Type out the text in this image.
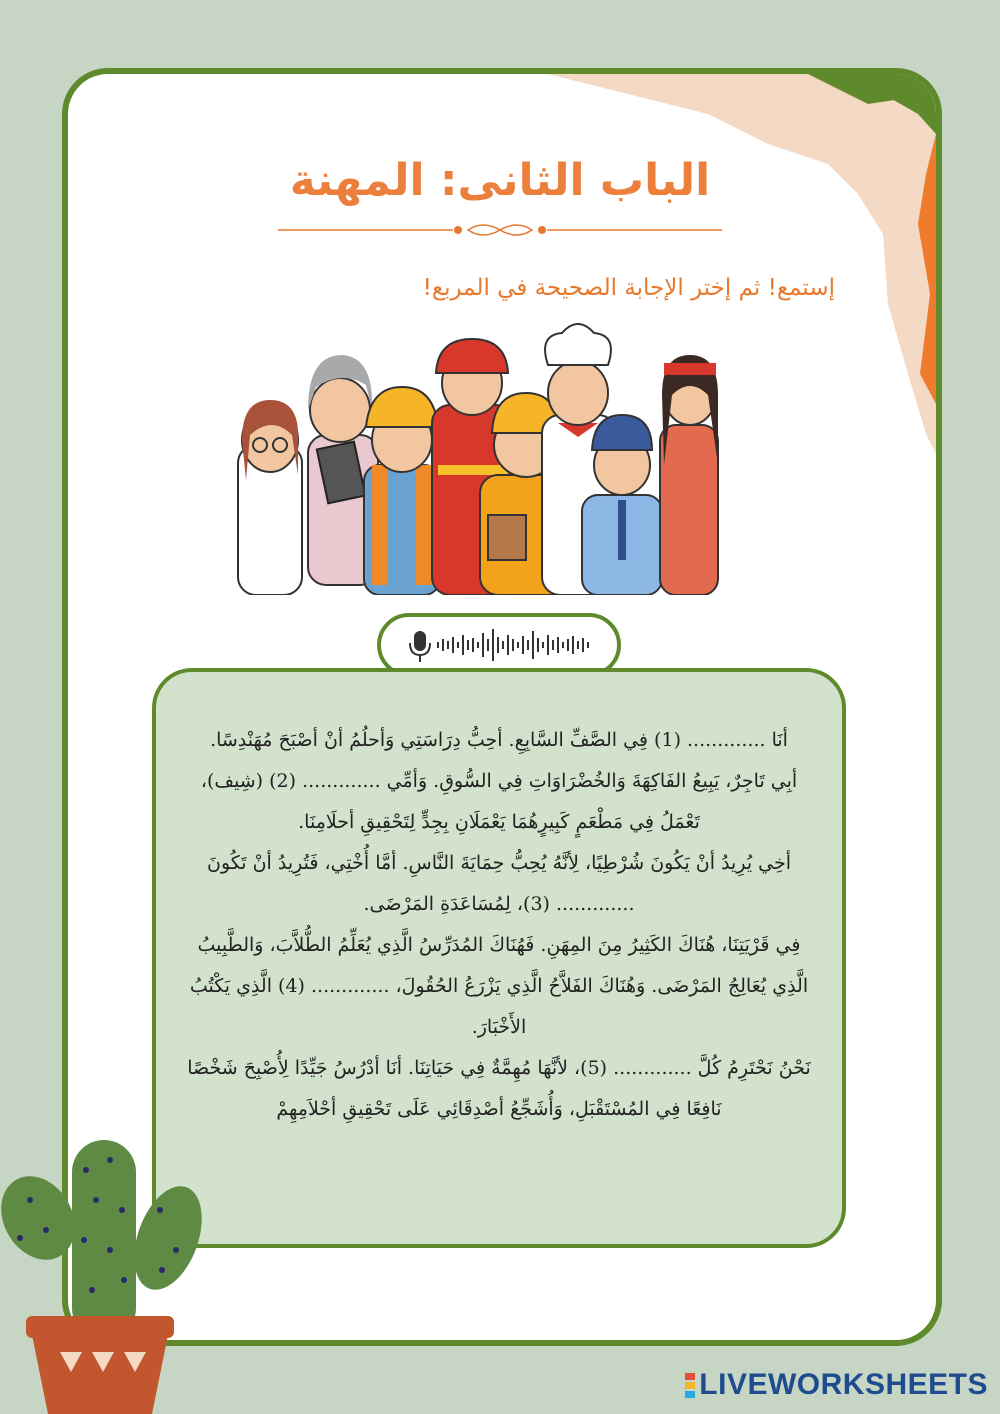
الباب الثانى: المهنة
إستمع! ثم إختر الإجابة الصحيحة في المربع!

أنَا ............. (1) فِي الصَّفِّ السَّابِعِ. أحِبُّ دِرَاسَتِي وَأحلُمُ أنْ أصْبَحَ مُهَنْدِسًا.

أبِي تَاجِرٌ، يَبِيعُ الفَاكِهَةَ وَالخُضْرَاوَاتِ فِي السُّوقِ. وَأمِّي ............. (2) (شِيف)، تَعْمَلُ فِي مَطْعَمٍ كَبِيرٍهُمَا يَعْمَلَانِ بِجِدٍّ لِتَحْقِيقِ أحلَامِنَا.

أخِي يُرِيدُ أنْ يَكُونَ شُرْطِيًا، لِأنَّهُ يُحِبُّ حِمَايَةَ النَّاسِ. أمَّا أُخْتِي، فَتُرِيدُ أنْ تَكُونَ ............. (3)، لِمُسَاعَدَةِ المَرْضَى.

فِي قَرْيَتِنَا، هُنَاكَ الكَثِيرُ مِنَ المِهَنِ. فَهُنَاكَ المُدَرِّسُ الَّذِي يُعَلِّمُ الطُّلاَّبَ، وَالطَّبِيبُ الَّذِي يُعَالِجُ المَرْضَى. وَهُنَاكَ الفَلاَّحُ الَّذِي يَزْرَعُ الحُقُولَ، ............. (4) الَّذِي يَكْتُبُ الأَخْبَارَ.

نَحْنُ نَحْتَرِمُ كُلَّ ............. (5)، لأنَّهَا مُهِمَّةٌ فِي حَيَاتِنَا. أنَا أدْرُسُ جَيِّدًا لِأُصْبِحَ شَخْصًا نَافِعًا فِي المُسْتَقْبَلِ، وَأُشَجِّعُ أصْدِقَائِي عَلَى تَحْقِيقِ أحْلاَمِهِمْ

LIVEWORKSHEETS
